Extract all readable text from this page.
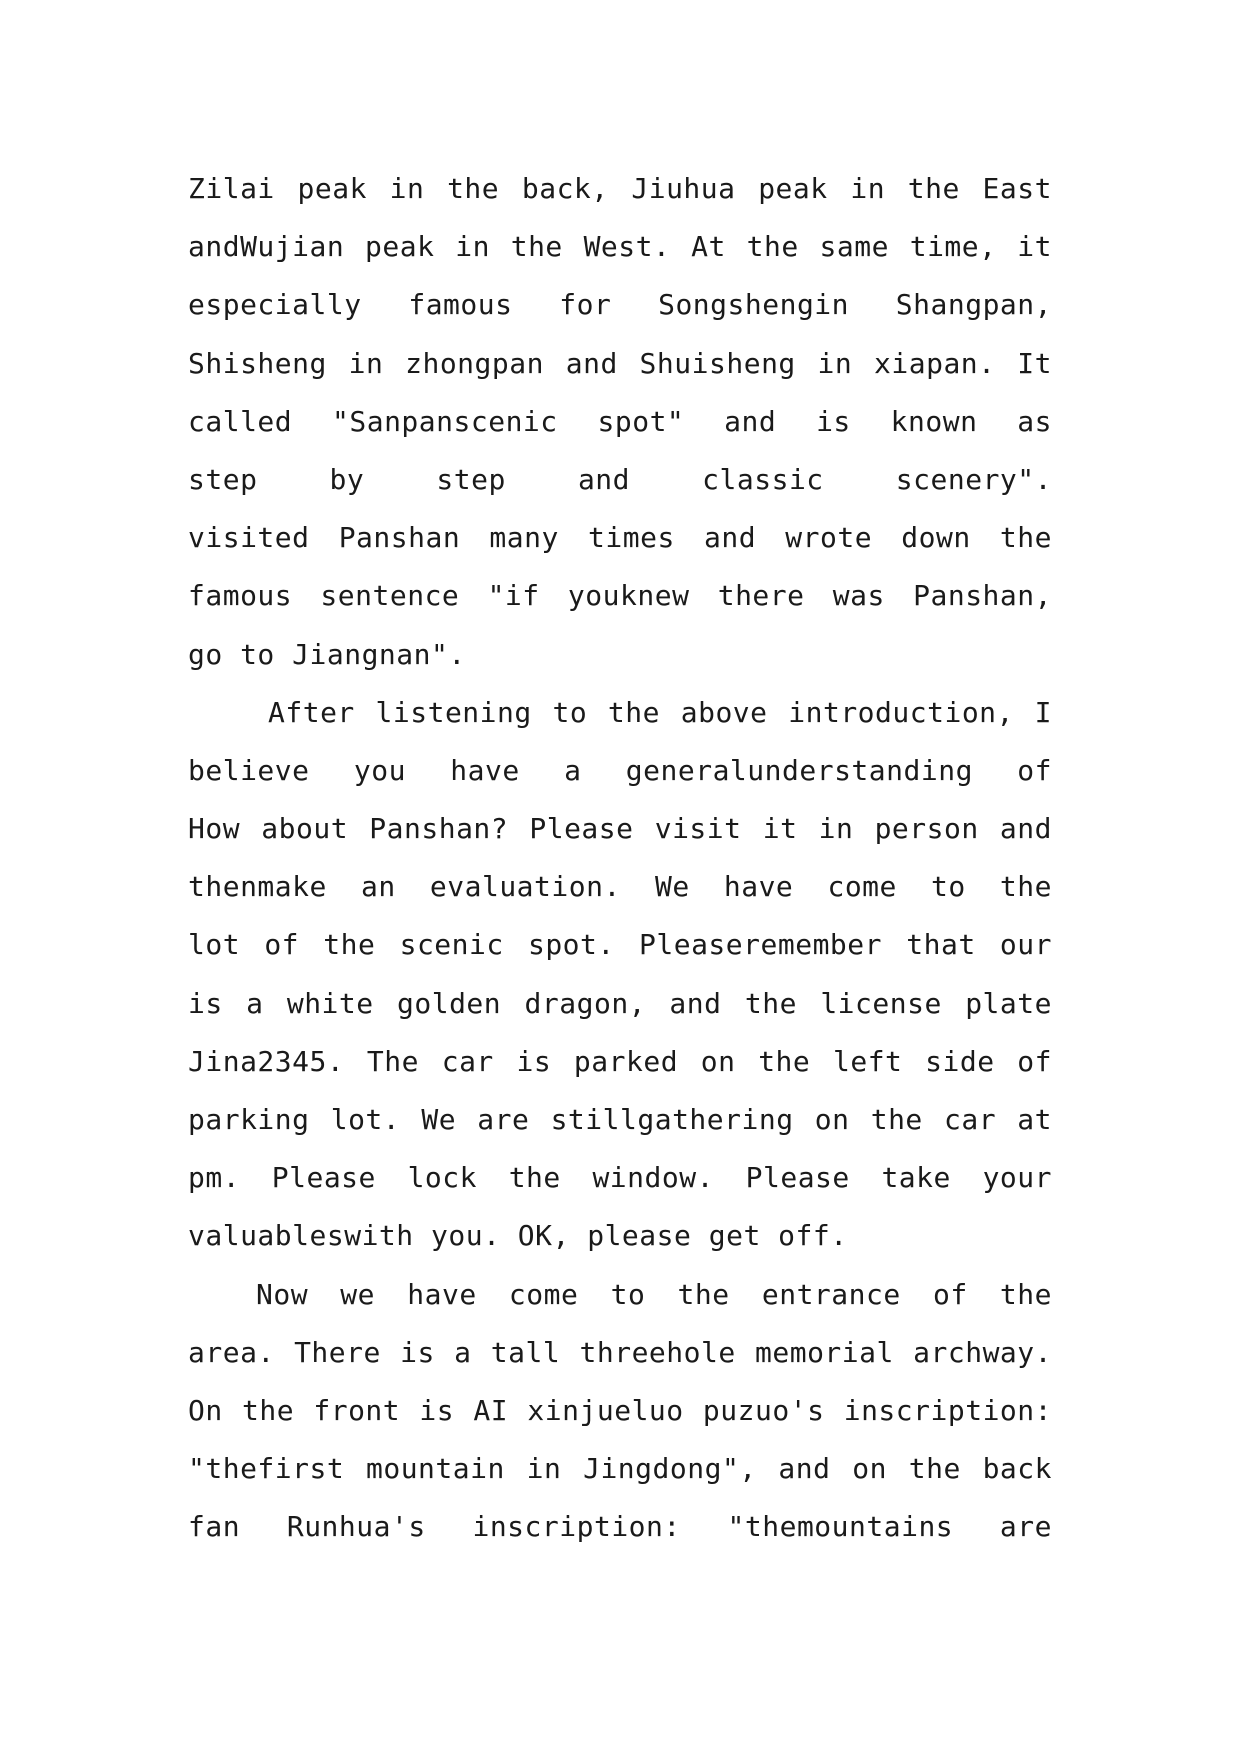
Zilai peak in the back, Jiuhua peak in the East
andWujian peak in the West. At the same time, it
especially famous for Songshengin Shangpan,
Shisheng in zhongpan and Shuisheng in xiapan. It
called "Sanpanscenic spot" and is known as
step by step and classic scenery".
visited Panshan many times and wrote down the
famous sentence "if youknew there was Panshan,
go to Jiangnan".
After listening to the above introduction, I
believe you have a generalunderstanding of
How about Panshan? Please visit it in person and
thenmake an evaluation. We have come to the
lot of the scenic spot. Pleaseremember that our
is a white golden dragon, and the license plate
Jina2345. The car is parked on the left side of
parking lot. We are stillgathering on the car at
pm. Please lock the window. Please take your
valuableswith you. OK, please get off.
Now we have come to the entrance of the
area. There is a tall threehole memorial archway.
On the front is AI xinjueluo puzuo's inscription:
"thefirst mountain in Jingdong", and on the back
fan Runhua's inscription: "themountains are
